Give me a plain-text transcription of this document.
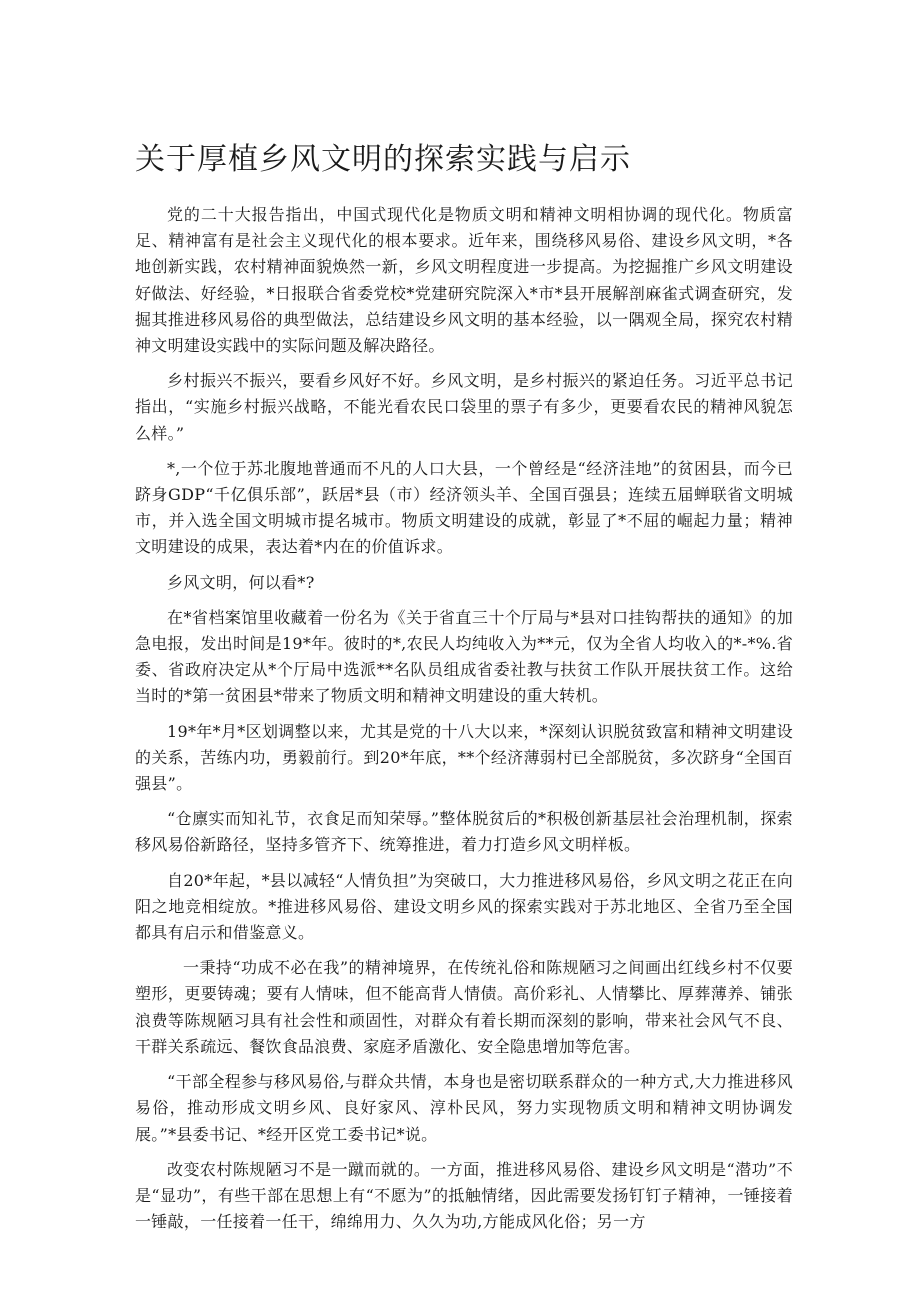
关于厚植乡风文明的探索实践与启示

党的二十大报告指出，中国式现代化是物质文明和精神文明相协调的现代化。物质富足、精神富有是社会主义现代化的根本要求。近年来，围绕移风易俗、建设乡风文明，*各地创新实践，农村精神面貌焕然一新，乡风文明程度进一步提高。为挖掘推广乡风文明建设好做法、好经验，*日报联合省委党校*党建研究院深入*市*县开展解剖麻雀式调查研究，发掘其推进移风易俗的典型做法，总结建设乡风文明的基本经验，以一隅观全局，探究农村精神文明建设实践中的实际问题及解决路径。

乡村振兴不振兴，要看乡风好不好。乡风文明，是乡村振兴的紧迫任务。习近平总书记指出，“实施乡村振兴战略，不能光看农民口袋里的票子有多少，更要看农民的精神风貌怎么样。”

*,一个位于苏北腹地普通而不凡的人口大县，一个曾经是“经济洼地”的贫困县，而今已跻身GDP“千亿俱乐部”，跃居*县（市）经济领头羊、全国百强县；连续五届蝉联省文明城市，并入选全国文明城市提名城市。物质文明建设的成就，彰显了*不屈的崛起力量；精神文明建设的成果，表达着*内在的价值诉求。

乡风文明，何以看*?

在*省档案馆里收藏着一份名为《关于省直三十个厅局与*县对口挂钩帮扶的通知》的加急电报，发出时间是19*年。彼时的*,农民人均纯收入为**元，仅为全省人均收入的*-*%.省委、省政府决定从*个厅局中选派**名队员组成省委社教与扶贫工作队开展扶贫工作。这给当时的*第一贫困县*带来了物质文明和精神文明建设的重大转机。

19*年*月*区划调整以来，尤其是党的十八大以来，*深刻认识脱贫致富和精神文明建设的关系，苦练内功，勇毅前行。到20*年底，**个经济薄弱村已全部脱贫，多次跻身“全国百强县”。

“仓廪实而知礼节，衣食足而知荣辱。”整体脱贫后的*积极创新基层社会治理机制，探索移风易俗新路径，坚持多管齐下、统筹推进，着力打造乡风文明样板。

自20*年起，*县以减轻“人情负担”为突破口，大力推进移风易俗，乡风文明之花正在向阳之地竞相绽放。*推进移风易俗、建设文明乡风的探索实践对于苏北地区、全省乃至全国都具有启示和借鉴意义。

一秉持“功成不必在我”的精神境界，在传统礼俗和陈规陋习之间画出红线乡村不仅要塑形，更要铸魂；要有人情味，但不能高背人情债。高价彩礼、人情攀比、厚葬薄养、铺张浪费等陈规陋习具有社会性和顽固性，对群众有着长期而深刻的影响，带来社会风气不良、干群关系疏远、餐饮食品浪费、家庭矛盾激化、安全隐患增加等危害。

“干部全程参与移风易俗,与群众共情，本身也是密切联系群众的一种方式,大力推进移风易俗，推动形成文明乡风、良好家风、淳朴民风，努力实现物质文明和精神文明协调发展。”*县委书记、*经开区党工委书记*说。

改变农村陈规陋习不是一蹴而就的。一方面，推进移风易俗、建设乡风文明是“潜功”不是“显功”，有些干部在思想上有“不愿为”的抵触情绪，因此需要发扬钉钉子精神，一锤接着一锤敲，一任接着一任干，绵绵用力、久久为功,方能成风化俗；另一方
